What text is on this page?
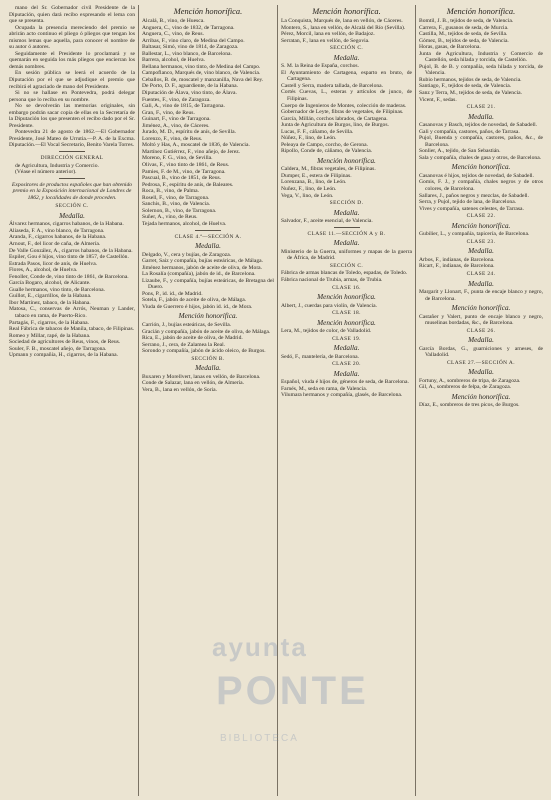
mano del Sr. Gobernador civil Presidente de la Diputación, quien dará recibo expresando el lema con que se presenta.

Ocupada la presencia mereciendo del premio se abrirán acto continuo el pliego ó pliegos que tengan los mismos lemas que aquella, para conocer el nombre de su autor ó autores.

Seguidamente el Presidente lo proclamará y se quemarán en seguida los más pliegos que encierran los demás nombres.

En sesión pública se leerá el acuerdo de la Diputación por el que se adjudique el premio que recibirá el agraciado de mano del Presidente.

Si no se hallase en Pontevedra, podrá delegar persona que lo reciba en su nombre.

No se devolverán las memorias originales, sin embargo podrán sacar copia de ellas en la Secretaría de la Diputación los que presenten el recibo dado por el Sr. Presidente.

Pontevedra 21 de agosto de 1862.—El Gobernador Presidente, José Mateo de Urrutia.—P. A. de la Excma. Diputación.—El Vocal Secretario, Benito Varela Torres.

DIRECCIÓN GENERAL

de Agricultura, Industria y Comercio.

(Véase el número anterior).

Expositores de productos españoles que han obtenido premio en la Exposición internacional de Londres de 1862, y localidades de donde proceden.

SECCIÓN C.

Medalla.

Álvarez hermanos, cigarros habanos, de la Habana.

Aliaseda, F. A., vino blanco, de Tarragona.

Aranda, F., cigarros habanos, de la Habana.

Arnout, F., del licor de caña, de Almería.

De Valle González, A., cigarros habanos, de la Habana.

Espiler, Gou é hijos, vino tinto de 1857, de Castellón.

Estrada Pasos, licor de anís, de Huelva.

Flores, A., alcohol, de Huelva.

Fenoller, Conde de, vino tinto de 1861, de Barcelona.

García Bogaro, alcohol, de Alicante.

Gualle hermanos, vino tinto, de Barcelona.

Guillot, E., cigarrillos, de la Habana.

Ibor Martínez, tabaco, de la Habana.

Matosa, C., conservas de Arrós, Neuman y Lander, tabaco en rama, de Puerto-Rico.

Partagás, F., cigarros, de la Habana.

Real Fábrica de tabacos de Manila, tabaco, de Filipinas.

Romeo y Millar, rapé, de la Habana.

Sociedad de agricultores de Reus, vinos, de Reus.

Souler, F. B., moscatel añejo, de Tarragona.

Upmann y compañía, H., cigarros, de la Habana.

Mención honorífica.

Alcalá, B., vino, de Huesca.

Anguera, C., vino de 1832, de Tarragona.

Anguera, C., vino, de Reus.

Arribas, F., vino claro, de Medina del Campo.

Baltasar, Simó, vino de 1814, de Zaragoza.

Ballestar, L., vino blanco, de Barcelona.

Barrera, alcohol, de Huelva.

Bellana hermanos, vino tinto, de Medina del Campo.

Campoflanco, Marqués de, vino blanco, de Valencia.

Ceballos, B. de, moscatel y manzanilla, Nava del Rey.

De Porto, D. F., aguardiente, de la Habana.

Diputación de Álava, vino tinto, de Álava.

Fuentes, F., vino, de Zaragoza.

Gali, A., vino de 1815, de Tarragona.

Gran, F., vino, de Reus.

Guinart, F., vino de Tarragona.

Jiménez, A., vino, de Cáceres.

Jurado, M. D., espíritu de anís, de Sevilla.

Lorenzo, F., vino, de Reus.

Moltó y Has, A., moscatel de 1836, de Valencia.

Martínez Gutiérrez, F., vino añejo, de Jerez.

Moreno, F. G., vino, de Sevilla.

Olivas, F., vino tinto de 1861, de Reus.

Pamies, F. de M., vino, de Tarragona.

Pascual, B., vino de 1851, de Reus.

Pedrosa, F., espíritu de anís, de Baleares.

Roca, B., vino, de Palma.

Rosell, F., vino, de Tarragona.

Sanchis, B., vino, de Valencia.

Solernon, B., vino, de Tarragona.

Suñer, A., vino, de Reus.

Tejada hermanos, alcohol, de Huelva.

CLASE 4.ª—SECCIÓN A.

Medalla.

Delgado, V., cera y bujías, de Zaragoza.

Garret, Saiz y compañía, bujías esteáricas, de Málaga.

Jiménez hermanos, jabón de aceite de oliva, de Mora.

La Rosalía (compañía), jabón de id., de Barcelona.

Lizaube, F., y compañía, bujías esteáricas, de Bretagna del Duero.

Pons, P., id. id., de Madrid.

Sotela, F., jabón de aceite de oliva, de Málaga.

Viuda de Guerrero é hijos, jabón id. id., de Mora.

Mención honorífica.

Carrión, J., bujías esteáricas, de Sevilla.

Gracián y compañía, jabón de aceite de oliva, de Málaga.

Rica, E., jabón de aceite de oliva, de Madrid.

Serrano, J., cera, de Zalamea la Real.

Sorondo y compañía, jabón de ácido oleico, de Burgos.

SECCIÓN B.

Medalla.

Buxaren y Morellvert, lanas en vellón, de Barcelona.

Conde de Salazar, lana en vellón, de Almería.

Vera, B., lana en vellón, de Soria.

Mención honorífica.

La Conquista, Marqués de, lana en vellón, de Cáceres.

Montero, S., lana en vellón, de Alcalá del Río (Sevilla).

Pérez, Morcil, lana en vellón, de Badajoz.

Serratan, F., lana en vellón, de Segovia.

SECCIÓN C.

Medalla.

S. M. la Reina de España, corchos.

El Ayuntamiento de Cartagena, esparto en bruto, de Cartagena.

Castell y Serra, madera tallada, de Barcelona.

Cortés Cuevas, L., esteras y artículos de junco, de Filipinas.

Cuerpo de Ingenieros de Montes, colección de maderas.

Gobernador de Leyte, fibras de vegetales, de Filipinas.

García, Millán, corchos labrados, de Cartagena.

Junta de Agricultura de Burgos, lino, de Burgos.

Lucas, F. F., cáñamo, de Sevilla.

Núñez, F., lino, de León.

Peleaya de Campo, corcho, de Gerona.

Ripollo, Conde de, cáñamo, de Valencia.

Mención honorífica.

Caldera, M., fibras vegetales, de Filipinas.

Dumper, E., estera de Filipinas.

Lorenzana, B., lino, de León.

Nuñez, F., lino, de León.

Vega, V., lino, de León.

SECCIÓN D.

Medalla.

Salvador, F., aceite esencial, de Valencia.

CLASE 11.—SECCIÓN A y B.

Medalla.

Ministerio de la Guerra, uniformes y mapas de la guerra de África, de Madrid.

SECCIÓN C.

Fábrica de armas blancas de Toledo, espadas, de Toledo.

Fábrica nacional de Trubia, armas, de Trubia.

CLASE 16.

Mención honorífica.

Albert, J., cuerdas para violín, de Valencia.

CLASE 18.

Mención honorífica.

Lera, M., tejidos de color, de Valladolid.

CLASE 19.

Medalla.

Sedó, F., mantelería, de Barcelona.

CLASE 20.

Medalla.

Español, viuda é hijos de, géneros de seda, de Barcelona.

Farnés, M., seda en rama, de Valencia.

Vilumara hermanos y compañía, glasés, de Barcelona.

Mención honorífica.

Bomtil, J. B., tejidos de seda, de Valencia.

Carrera, F., gusanos de seda, de Murcia.

Castilla, M., tejidos de seda, de Sevilla.

Gómez, B., tejidos de seda, de Valencia.

Horas, gasas, de Barcelona.

Junta de Agricultura, Industria y Comercio de Castellón, seda hilada y torcida, de Castellón.

Pujol, B. de B. y compañía, seda hilada y torcida, de Valencia.

Rubio hermanos, tejidos de seda, de Valencia.

Santiago, F., tejidos de seda, de Valencia.

Sanz y Terra, M., tejidos de seda, de Valencia.

Vicent, F., sedas.

CLASE 21.

Medalla.

Casanovas y Basch, tejidos de novedad, de Sabadell.

Gali y compañía, castores, paños, de Tarrasa.

Pujol, Buenda y compañía, castores, paños, &c., de Barcelona.

Sonlier, A., tejido, de San Sebastián.

Sala y compañía, chales de gasa y otros, de Barcelona.

Mención honorífica.

Casanovas é hijos, tejidos de novedad, de Sabadell.

Gomis, F. J., y compañía, chales negros y de otros colores, de Barcelona.

Sallares, J., paños negros y mezclas, de Sabadell.

Serra, y Pujol, tejido de lana, de Barcelona.

Vives y compañía, satenes celestes, de Tarrasa.

CLASE 22.

Mención honorífica.

Gubilier, L., y compañía, tapicería, de Barcelona.

CLASE 23.

Medalla.

Arbos, F., indianas, de Barcelona.

Ricart, F., indianas, de Barcelona.

CLASE 24.

Medalla.

Margarit y Llonart, F., punta de encaje blanco y negro, de Barcelona.

Mención honorífica.

Castañer y Valert, punto de encaje blanco y negro, muselinas bordadas, &c., de Barcelona.

CLASE 26.

Medalla.

García Bordas, G., guarniciones y arneses, de Valladolid.

CLASE 27.—SECCIÓN A.

Medalla.

Fortuny, A., sombreros de tripa, de Zaragoza.

Gil, A., sombreros de felpa, de Zaragoza.

Mención honorífica.

Díaz, E., sombreros de tres picos, de Burgos.

ayunta
PONTE
BIBLIOTECA
